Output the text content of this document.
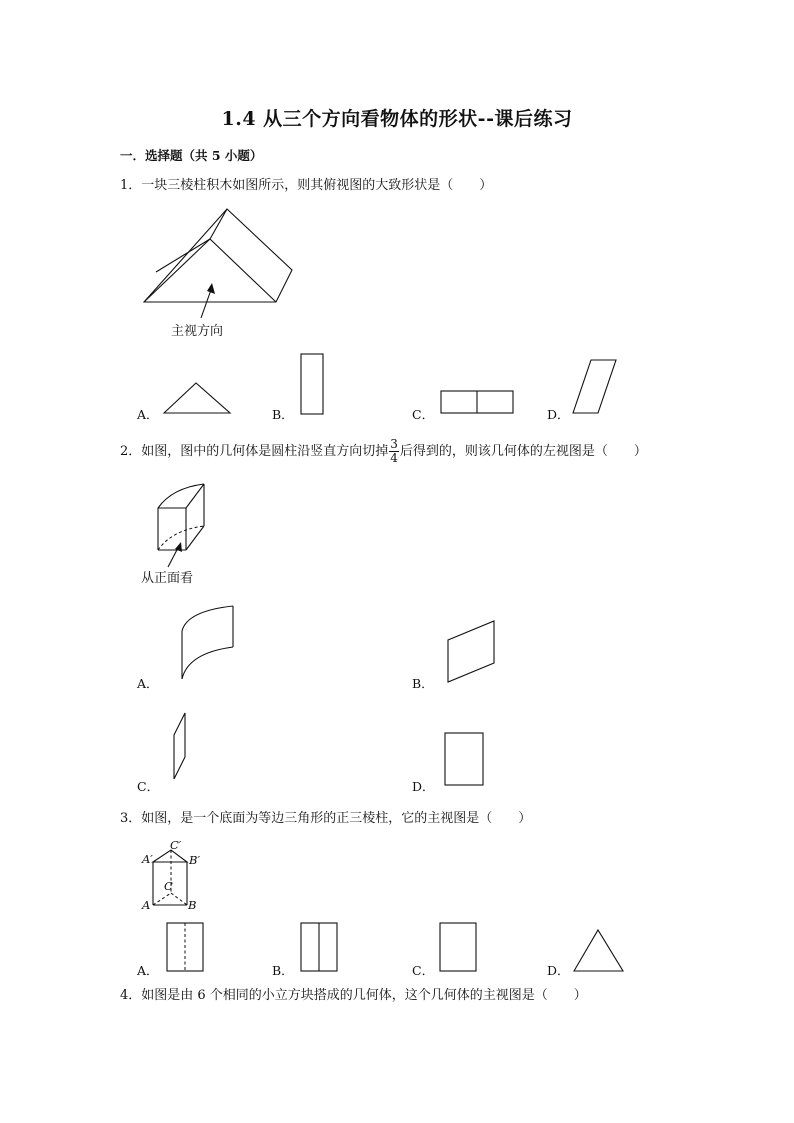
1.4 从三个方向看物体的形状--课后练习
一．选择题（共 5 小题）
1．一块三棱柱积木如图所示，则其俯视图的大致形状是（　　）
主视方向
A．	B．	C．	D．
2．如图，图中的几何体是圆柱沿竖直方向切掉 $\frac{3}{4}$ 后得到的，则该几何体的左视图是（　　）
从正面看
A．	B．
C．	D．
3．如图，是一个底面为等边三角形的正三棱柱，它的主视图是（　　）
A′
C′
B′
C
A	B
A．	B．	C．	D．
4．如图是由 6 个相同的小立方块搭成的几何体，这个几何体的主视图是（　　）
